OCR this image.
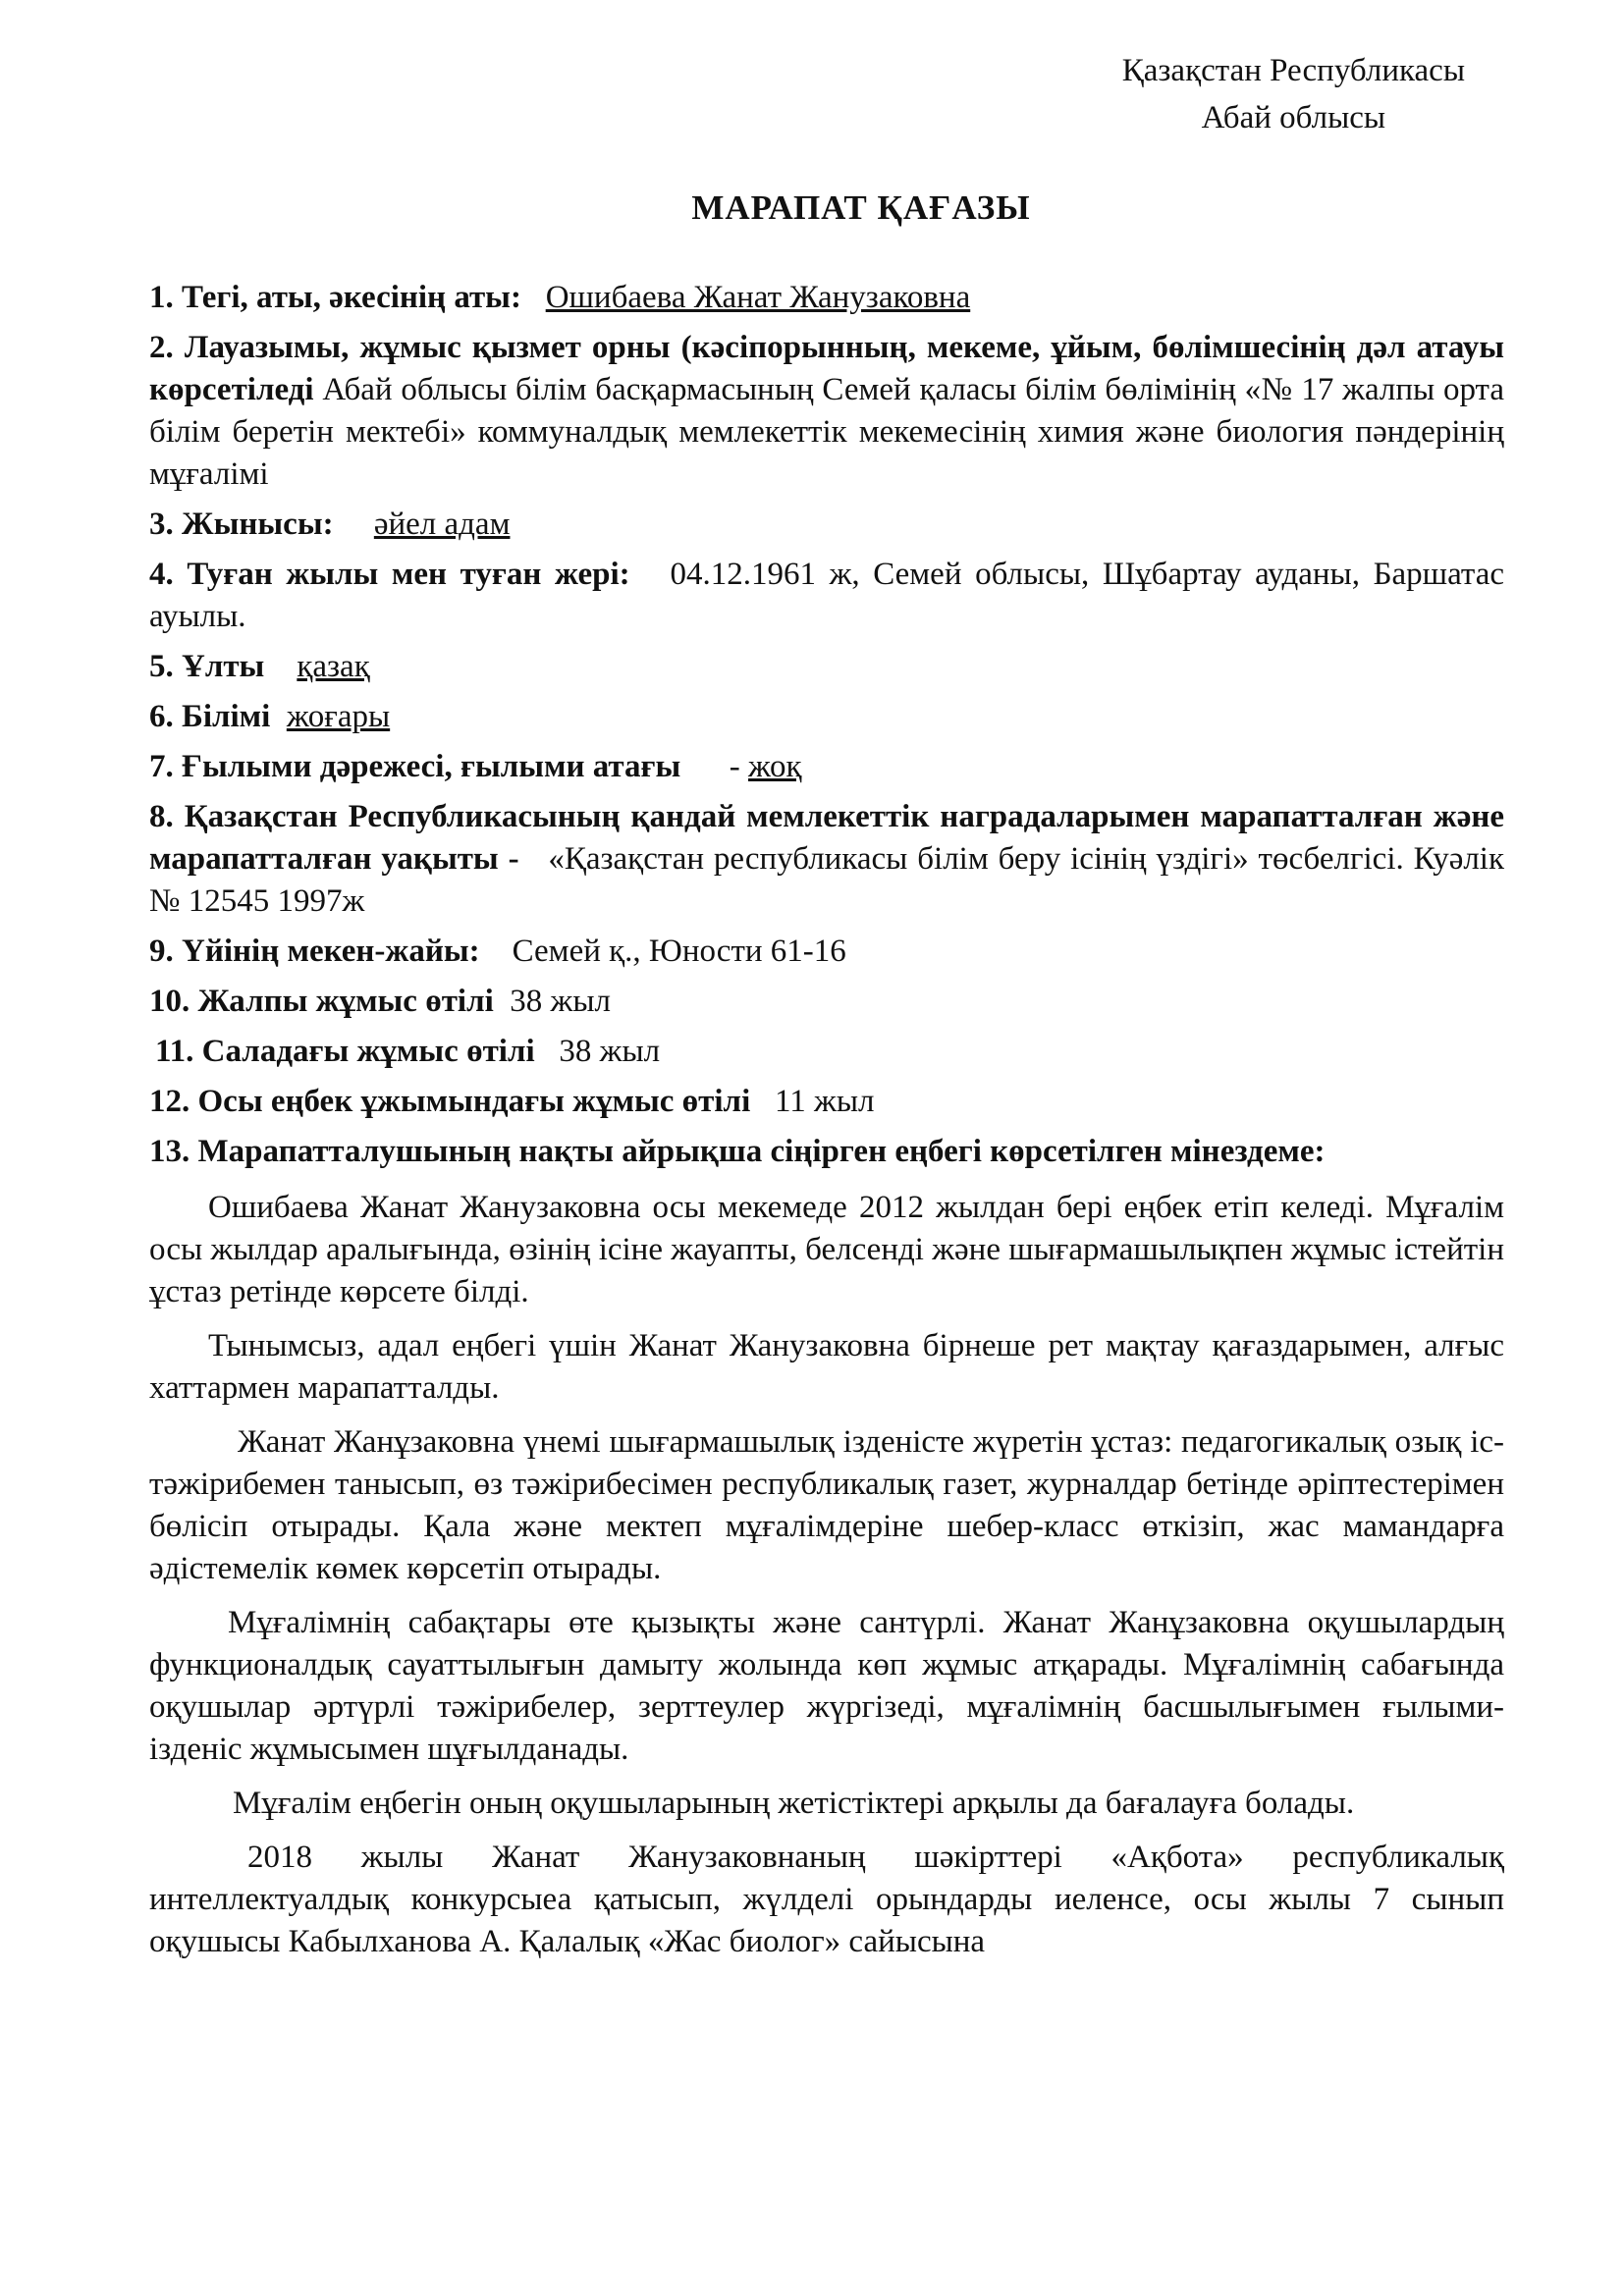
Қазақстан Республикасы
Абай облысы
МАРАПАТ ҚАҒАЗЫ
1. Тегі, аты, әкесінің аты: Ошибаева Жанат Жанузаковна
2. Лауазымы, жұмыс қызмет орны (кәсіпорынның, мекеме, ұйым, бөлімшесінің дәл атауы көрсетіледі Абай облысы білім басқармасының Семей қаласы білім бөлімінің «№ 17 жалпы орта білім беретін мектебі» коммуналдық мемлекеттік мекемесінің химия және биология пәндерінің мұғалімі
3. Жынысы: әйел адам
4. Туған жылы мен туған жері: 04.12.1961 ж, Семей облысы, Шұбартау ауданы, Баршатас ауылы.
5. Ұлты қазақ
6. Білімі жоғары
7. Ғылыми дәрежесі, ғылыми атағы - жоқ
8. Қазақстан Республикасының қандай мемлекеттік наградаларымен марапатталған және марапатталған уақыты - «Қазақстан республикасы білім беру ісінің үздігі» төсбелгісі. Куәлік № 12545 1997ж
9. Үйінің мекен-жайы: Семей қ., Юности 61-16
10. Жалпы жұмыс өтілі 38 жыл
11. Саладағы жұмыс өтілі 38 жыл
12. Осы еңбек ұжымындағы жұмыс өтілі 11 жыл
13. Марапатталушының нақты айрықша сіңірген еңбегі көрсетілген мінездеме:

Ошибаева Жанат Жанузаковна осы мекемеде 2012 жылдан бері еңбек етіп келеді. Мұғалім осы жылдар аралығында, өзінің ісіне жауапты, белсенді және шығармашылықпен жұмыс істейтін ұстаз ретінде көрсете білді.

Тынымсыз, адал еңбегі үшін Жанат Жанузаковна бірнеше рет мақтау қағаздарымен, алғыс хаттармен марапатталды.

Жанат Жанұзаковна үнемі шығармашылық ізденісте жүретін ұстаз: педагогикалық озық іс- тәжірибемен танысып, өз тәжірибесімен республикалық газет, журналдар бетінде әріптестерімен бөлісіп отырады. Қала және мектеп мұғалімдеріне шебер-класс өткізіп, жас мамандарға әдістемелік көмек көрсетіп отырады.

Мұғалімнің сабақтары өте қызықты және сантүрлі. Жанат Жанұзаковна оқушылардың функционалдық сауаттылығын дамыту жолында көп жұмыс атқарады. Мұғалімнің сабағында оқушылар әртүрлі тәжірибелер, зерттеулер жүргізеді, мұғалімнің басшылығымен ғылыми- ізденіс жұмысымен шұғылданады.

Мұғалім еңбегін оның оқушыларының жетістіктері арқылы да бағалауға болады.

2018 жылы Жанат Жанузаковнаның шәкірттері «Ақбота» республикалық интеллектуалдық конкурсыеа қатысып, жүлделі орындарды иеленсе, осы жылы 7 сынып оқушысы Кабылханова А. Қалалық «Жас биолог» сайысына
